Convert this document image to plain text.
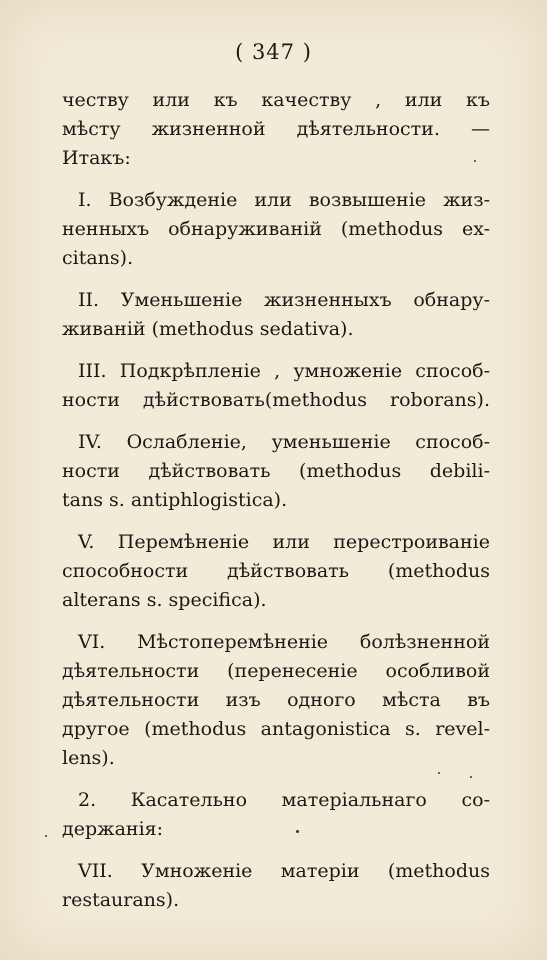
( 347 )
честву или къ качеству , или къ
мѣсту жизненной дѣятельности. —
Итакъ:
I. Возбужденіе или возвышеніе жиз-
ненныхъ обнаруживаній (methodus ex-
citans).
II. Уменьшеніе жизненныхъ обнару-
живаній (methodus sedativa).
III. Подкрѣпленіе , умноженіе способ-
ности дѣйствовать(methodus roborans).
IV. Ослабленіе, уменьшеніе способ-
ности дѣйствовать (methodus debili-
tans s. antiphlogistica).
V. Перемѣненіе или перестроиваніе
способности дѣйствовать (methodus
alterans s. specifica).
VI. Мѣстоперемѣненіе болѣзненной
дѣятельности (перенесеніе особливой
дѣятельности изъ одного мѣста въ
другое (methodus antagonistica s. revel-
lens).
2. Касательно матеріальнаго со-
держанія:
VII. Умноженіе матеріи (methodus
restaurans).
